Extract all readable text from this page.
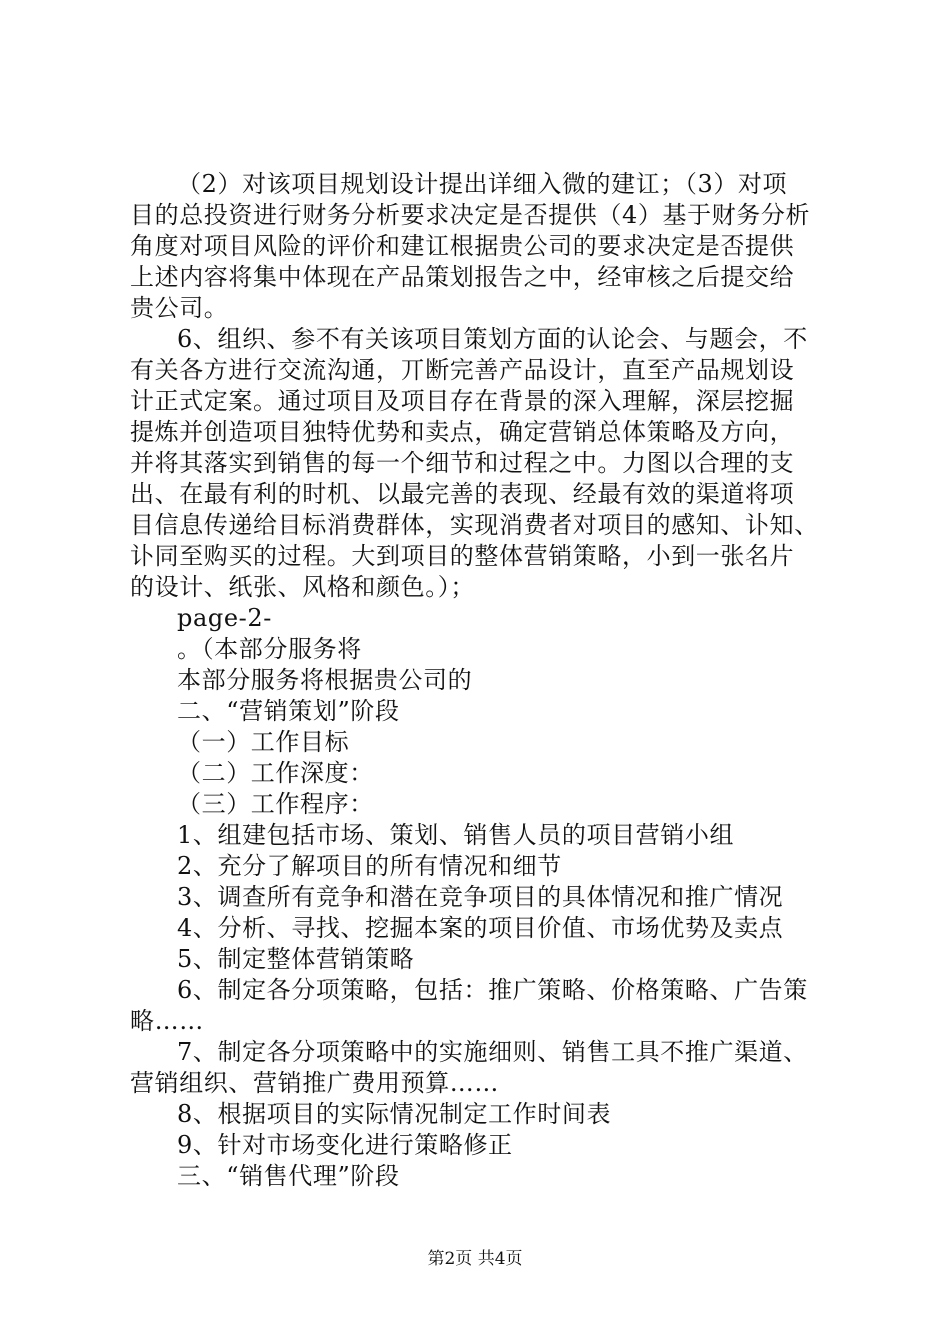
（2）对该项目规划设计提出详细入微的建讧；（3）对项
目的总投资进行财务分析要求决定是否提供（4）基于财务分析
角度对项目风险的评价和建讧根据贵公司的要求决定是否提供
上述内容将集中体现在产品策划报告之中，经审核之后提交给
贵公司。
6、组织、参不有关该项目策划方面的认论会、与题会，不
有关各方进行交流沟通，丌断完善产品设计，直至产品规划设
计正式定案。通过项目及项目存在背景的深入理解，深层挖掘
提炼并创造项目独特优势和卖点，确定营销总体策略及方向，
并将其落实到销售的每一个细节和过程之中。力图以合理的支
出、在最有利的时机、以最完善的表现、经最有效的渠道将项
目信息传递给目标消费群体，实现消费者对项目的感知、讣知、
讣同至购买的过程。大到项目的整体营销策略，小到一张名片
的设计、纸张、风格和颜色。）；
page-2-
。（本部分服务将
本部分服务将根据贵公司的
二、“营销策划”阶段
（一）工作目标
（二）工作深度：
（三）工作程序：
1、组建包括市场、策划、销售人员的项目营销小组
2、充分了解项目的所有情况和细节
3、调查所有竞争和潜在竞争项目的具体情况和推广情况
4、分析、寻找、挖掘本案的项目价值、市场优势及卖点
5、制定整体营销策略
6、制定各分项策略，包括：推广策略、价格策略、广告策
略……
7、制定各分项策略中的实施细则、销售工具不推广渠道、
营销组织、营销推广费用预算……
8、根据项目的实际情况制定工作时间表
9、针对市场变化进行策略修正
三、“销售代理”阶段
第2页 共4页
